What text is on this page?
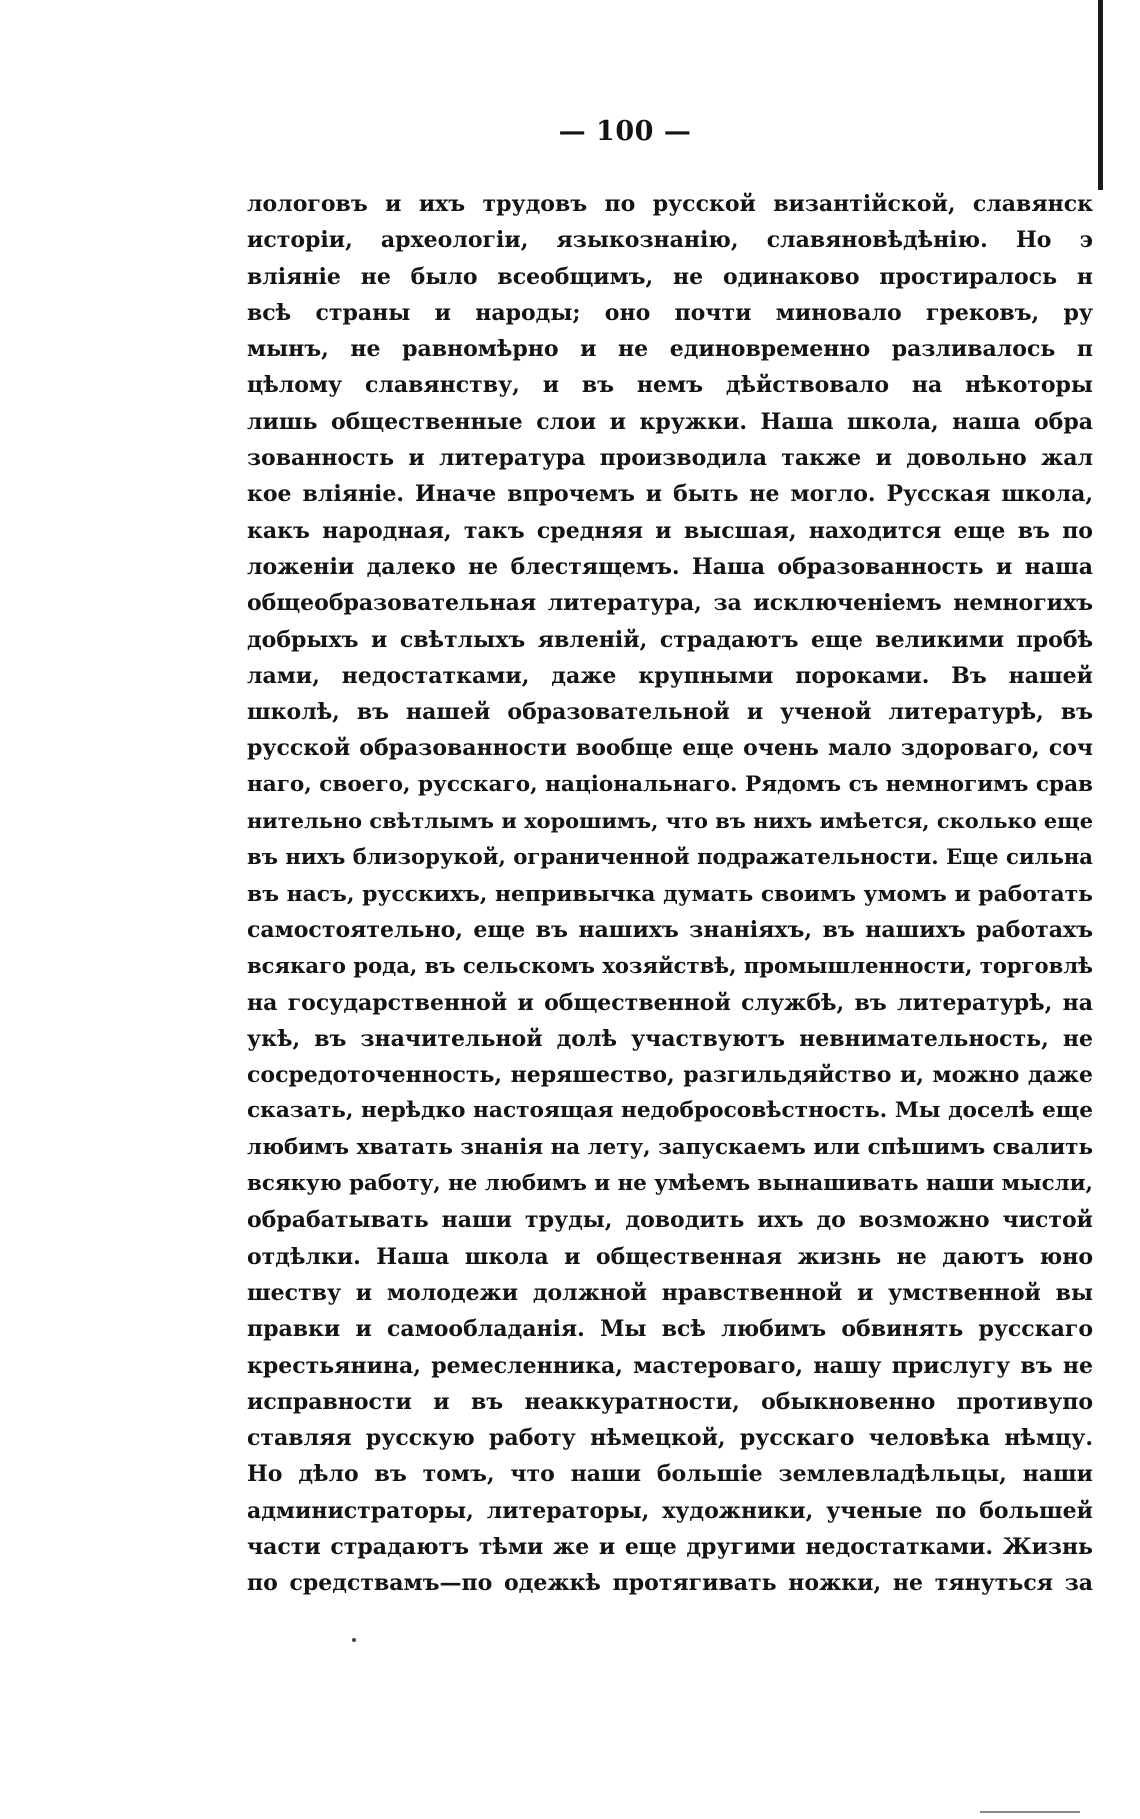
— 100 —
лологовъ и ихъ трудовъ по русской византійской, славянск
исторіи, археологіи, языкознанію, славяновѣдѣнію. Но э
вліяніе не было всеобщимъ, не одинаково простиралось н
всѣ страны и народы; оно почти миновало грековъ, ру
мынъ, не равномѣрно и не единовременно разливалось п
цѣлому славянству, и въ немъ дѣйствовало на нѣкоторы
лишь общественные слои и кружки. Наша школа, наша обра
зованность и литература производила также и довольно жал
кое вліяніе. Иначе впрочемъ и быть не могло. Русская школа,
какъ народная, такъ средняя и высшая, находится еще въ по
ложеніи далеко не блестящемъ. Наша образованность и наша
общеобразовательная литература, за исключеніемъ немногихъ
добрыхъ и свѣтлыхъ явленій, страдаютъ еще великими пробѣ
лами, недостатками, даже крупными пороками. Въ нашей
школѣ, въ нашей образовательной и ученой литературѣ, въ
русской образованности вообще еще очень мало здороваго, соч
наго, своего, русскаго, національнаго. Рядомъ съ немногимъ срав
нительно свѣтлымъ и хорошимъ, что въ нихъ имѣется, сколько еще
въ нихъ близорукой, ограниченной подражательности. Еще сильна
въ насъ, русскихъ, непривычка думать своимъ умомъ и работать
самостоятельно, еще въ нашихъ знаніяхъ, въ нашихъ работахъ
всякаго рода, въ сельскомъ хозяйствѣ, промышленности, торговлѣ
на государственной и общественной службѣ, въ литературѣ, на
укѣ, въ значительной долѣ участвуютъ невнимательность, не
сосредоточенность, неряшество, разгильдяйство и, можно даже
сказать, нерѣдко настоящая недобросовѣстность. Мы доселѣ еще
любимъ хватать знанія на лету, запускаемъ или спѣшимъ свалить
всякую работу, не любимъ и не умѣемъ вынашивать наши мысли,
обрабатывать наши труды, доводить ихъ до возможно чистой
отдѣлки. Наша школа и общественная жизнь не даютъ юно
шеству и молодежи должной нравственной и умственной вы
правки и самообладанія. Мы всѣ любимъ обвинять русскаго
крестьянина, ремесленника, мастероваго, нашу прислугу въ не
исправности и въ неаккуратности, обыкновенно противупо
ставляя русскую работу нѣмецкой, русскаго человѣка нѣмцу.
Но дѣло въ томъ, что наши большіе землевладѣльцы, наши
администраторы, литераторы, художники, ученые по большей
части страдаютъ тѣми же и еще другими недостатками. Жизнь
по средствамъ—по одежкѣ протягивать ножки, не тянуться за
